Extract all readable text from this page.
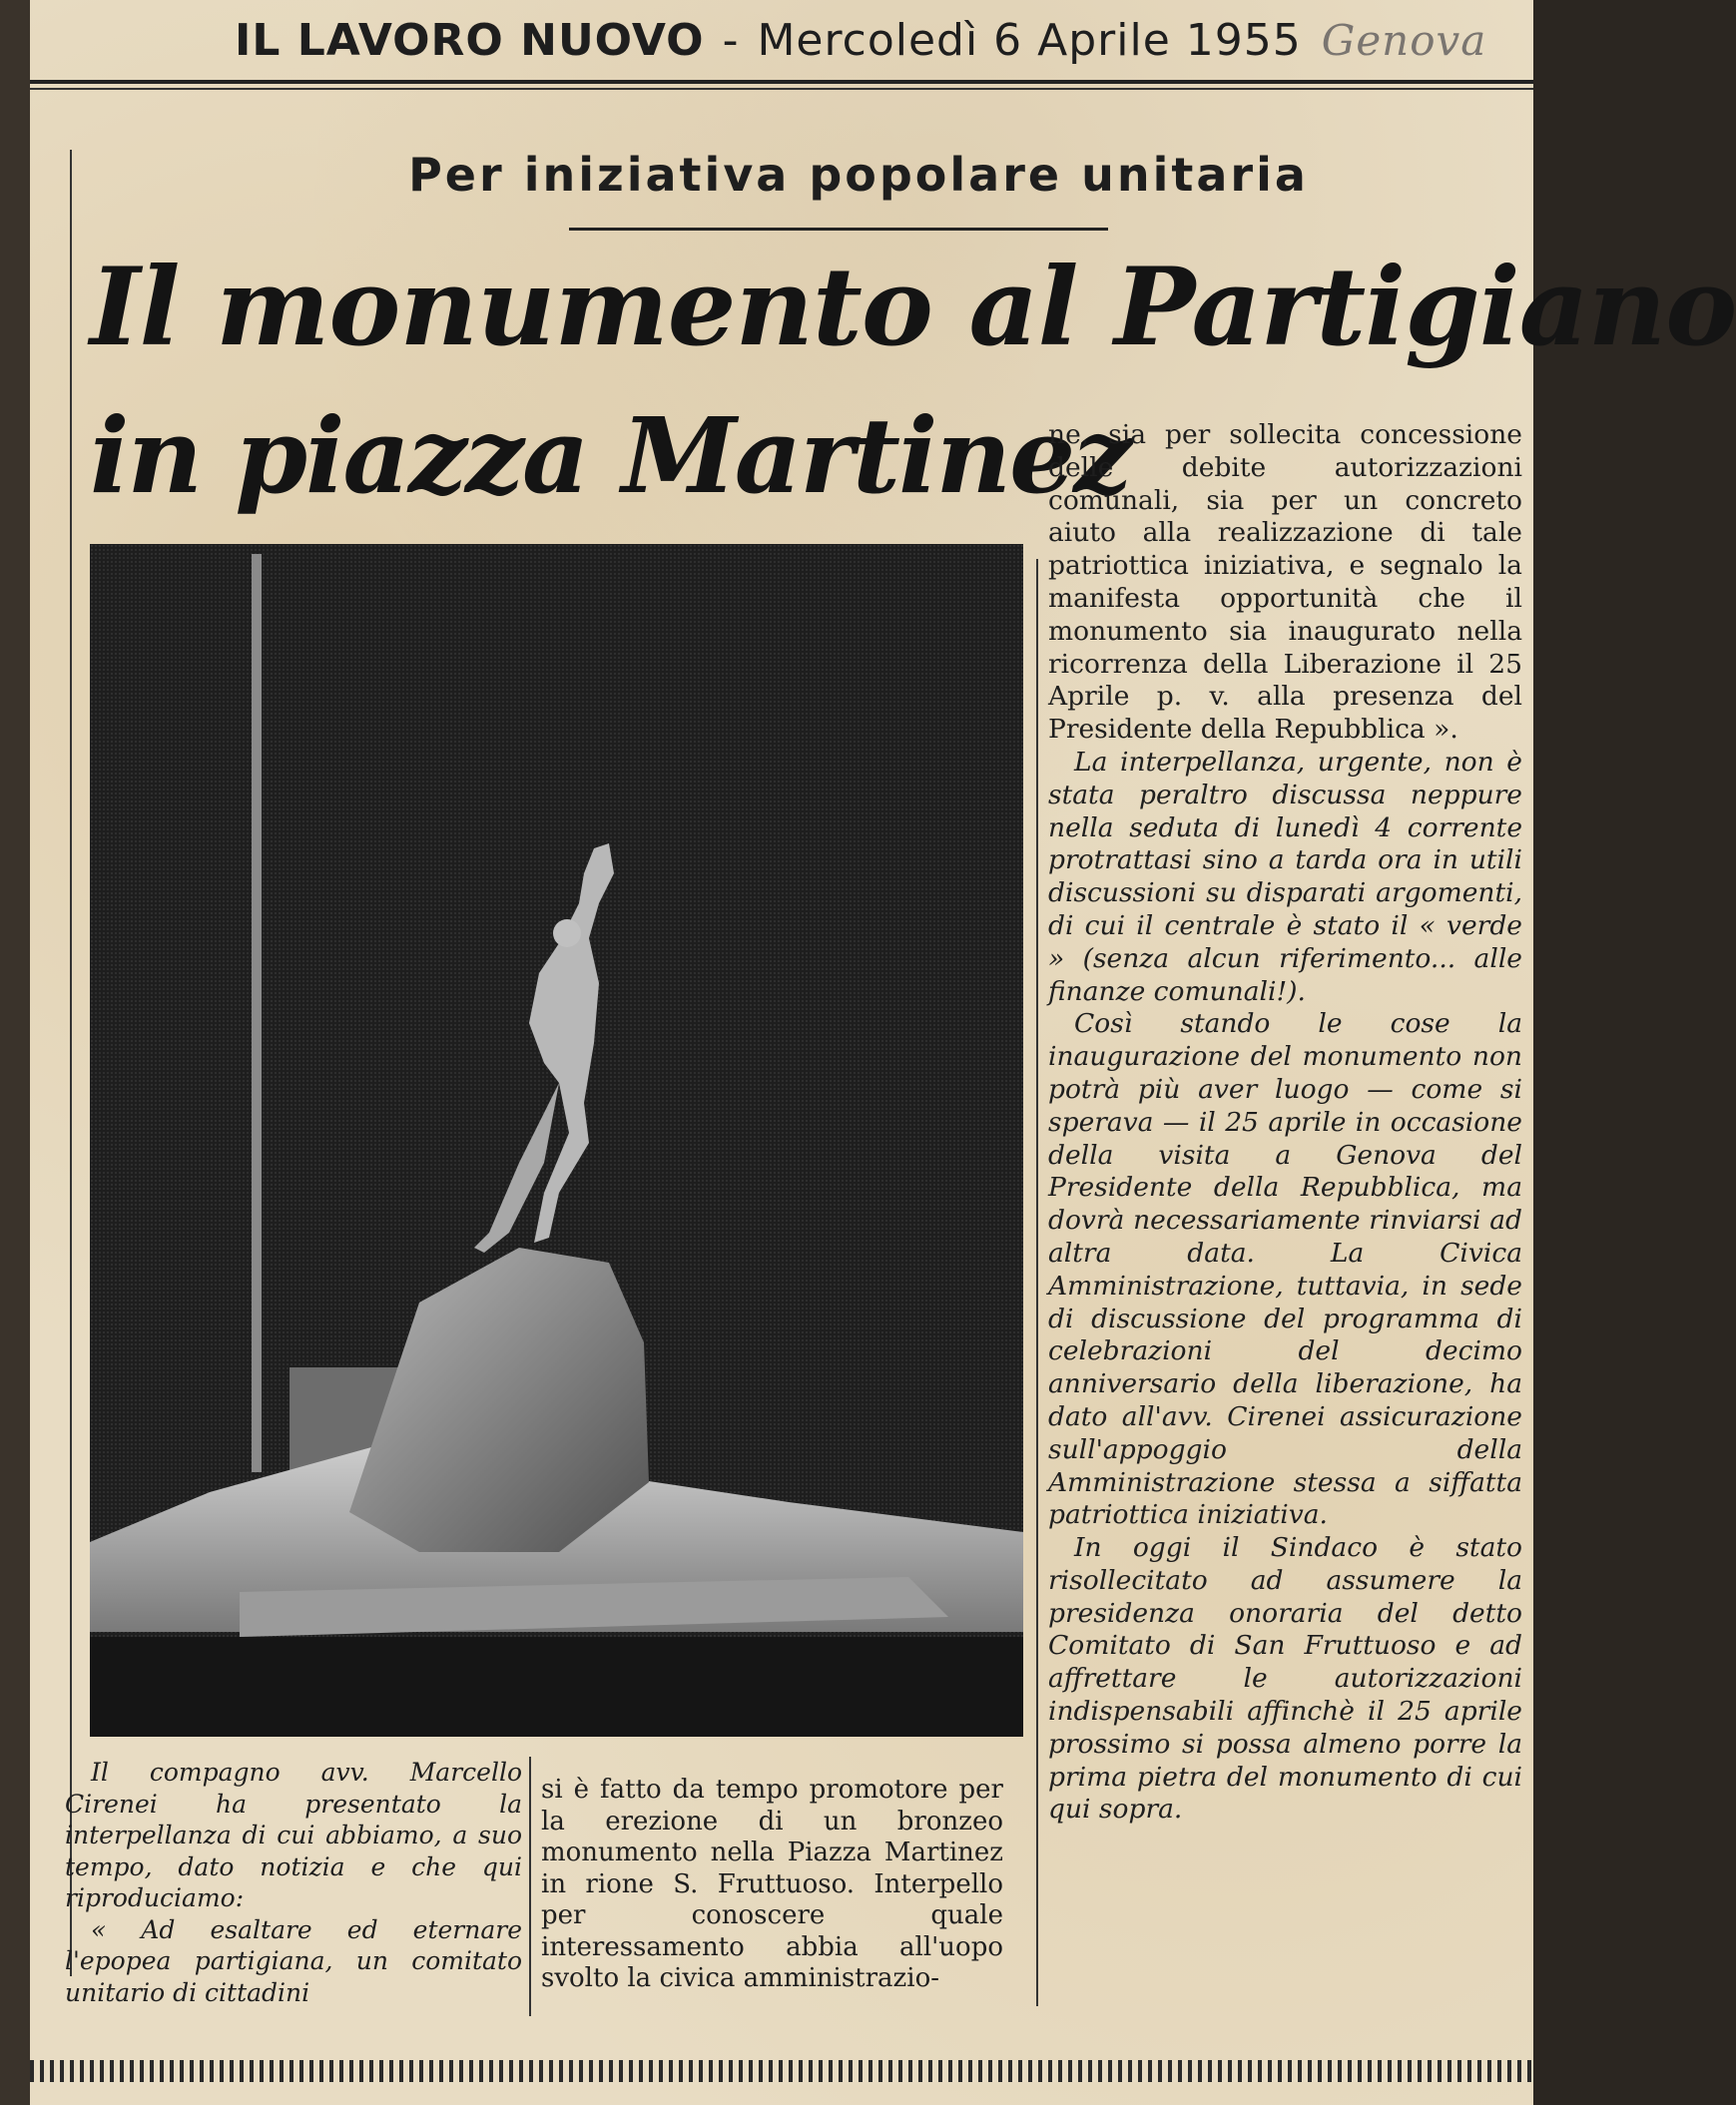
IL LAVORO NUOVO - Mercoledì 6 Aprile 1955 Genova
Per iniziativa popolare unitaria
Il monumento al Partigiano
in piazza Martinez

ne, sia per sollecita concessione delle debite autorizzazioni comunali, sia per un concreto aiuto alla realizzazione di tale patriottica iniziativa, e segnalo la manifesta opportunità che il monumento sia inaugurato nella ricorrenza della Liberazione il 25 Aprile p. v. alla presenza del Presidente della Repubblica ».

La interpellanza, urgente, non è stata peraltro discussa neppure nella seduta di lunedì 4 corrente protrattasi sino a tarda ora in utili discussioni su disparati argomenti, di cui il centrale è stato il « verde » (senza alcun riferimento... alle finanze comunali!).

Così stando le cose la inaugurazione del monumento non potrà più aver luogo — come si sperava — il 25 aprile in occasione della visita a Genova del Presidente della Repubblica, ma dovrà necessariamente rinviarsi ad altra data. La Civica Amministrazione, tuttavia, in sede di discussione del programma di celebrazioni del decimo anniversario della liberazione, ha dato all'avv. Cirenei assicurazione sull'appoggio della Amministrazione stessa a siffatta patriottica iniziativa.

In oggi il Sindaco è stato risollecitato ad assumere la presidenza onoraria del detto Comitato di San Fruttuoso e ad affrettare le autorizzazioni indispensabili affinchè il 25 aprile prossimo si possa almeno porre la prima pietra del monumento di cui qui sopra.

Il compagno avv. Marcello Cirenei ha presentato la interpellanza di cui abbiamo, a suo tempo, dato notizia e che qui riproduciamo:

« Ad esaltare ed eternare l'epopea partigiana, un comitato unitario di cittadini

si è fatto da tempo promotore per la erezione di un bronzeo monumento nella Piazza Martinez in rione S. Fruttuoso. Interpello per conoscere quale interessamento abbia all'uopo svolto la civica amministrazio-
